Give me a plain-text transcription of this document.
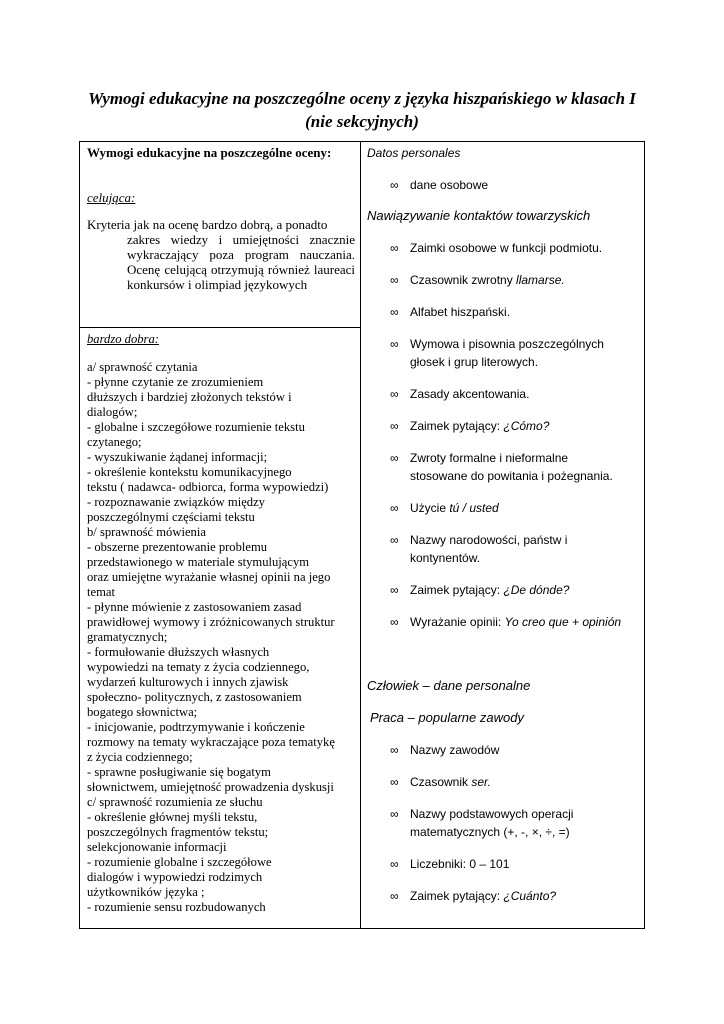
Wymogi edukacyjne na poszczególne oceny z języka hiszpańskiego w klasach I
(nie sekcyjnych)
Wymogi edukacyjne na poszczególne oceny:
celująca:
Kryteria jak na ocenę bardzo dobrą, a ponadto
zakres wiedzy i umiejętności znacznie wykraczający poza program nauczania. Ocenę celującą otrzymują również laureaci konkursów i olimpiad językowych
bardzo dobra:
a/ sprawność czytania
- płynne czytanie ze zrozumieniem
dłuższych i bardziej złożonych tekstów i
dialogów;
- globalne i szczegółowe rozumienie tekstu
czytanego;
- wyszukiwanie żądanej informacji;
- określenie kontekstu komunikacyjnego
tekstu ( nadawca- odbiorca, forma wypowiedzi)
- rozpoznawanie związków między
poszczególnymi częściami tekstu
b/ sprawność mówienia
- obszerne prezentowanie problemu
przedstawionego w materiale stymulującym
oraz umiejętne wyrażanie własnej opinii na jego
temat
- płynne mówienie z zastosowaniem zasad
prawidłowej wymowy i zróżnicowanych struktur
gramatycznych;
- formułowanie dłuższych własnych
wypowiedzi na tematy z życia codziennego,
wydarzeń kulturowych i innych zjawisk
społeczno- politycznych, z zastosowaniem
bogatego słownictwa;
- inicjowanie, podtrzymywanie i kończenie
rozmowy na tematy wykraczające poza tematykę
z życia codziennego;
- sprawne posługiwanie się bogatym
słownictwem, umiejętność prowadzenia dyskusji
c/ sprawność rozumienia ze słuchu
- określenie głównej myśli tekstu,
poszczególnych fragmentów tekstu;
selekcjonowanie informacji
- rozumienie globalne i szczegółowe
dialogów i wypowiedzi rodzimych
użytkowników języka ;
- rozumienie sensu rozbudowanych
Datos personales
∞ dane osobowe
Nawiązywanie kontaktów towarzyskich
∞ Zaimki osobowe w funkcji podmiotu.
∞ Czasownik zwrotny llamarse.
∞ Alfabet hiszpański.
∞ Wymowa i pisownia poszczególnych
głosek i grup literowych.
∞ Zasady akcentowania.
∞ Zaimek pytający: ¿Cómo?
∞ Zwroty formalne i nieformalne
stosowane do powitania i pożegnania.
∞ Użycie tú / usted
∞ Nazwy narodowości, państw i
kontynentów.
∞ Zaimek pytający: ¿De dónde?
∞ Wyrażanie opinii: Yo creo que + opinión
Człowiek – dane personalne
Praca – popularne zawody
∞ Nazwy zawodów
∞ Czasownik ser.
∞ Nazwy podstawowych operacji
matematycznych (+, -, ×, ÷, =)
∞ Liczebniki: 0 – 101
∞ Zaimek pytający: ¿Cuánto?
